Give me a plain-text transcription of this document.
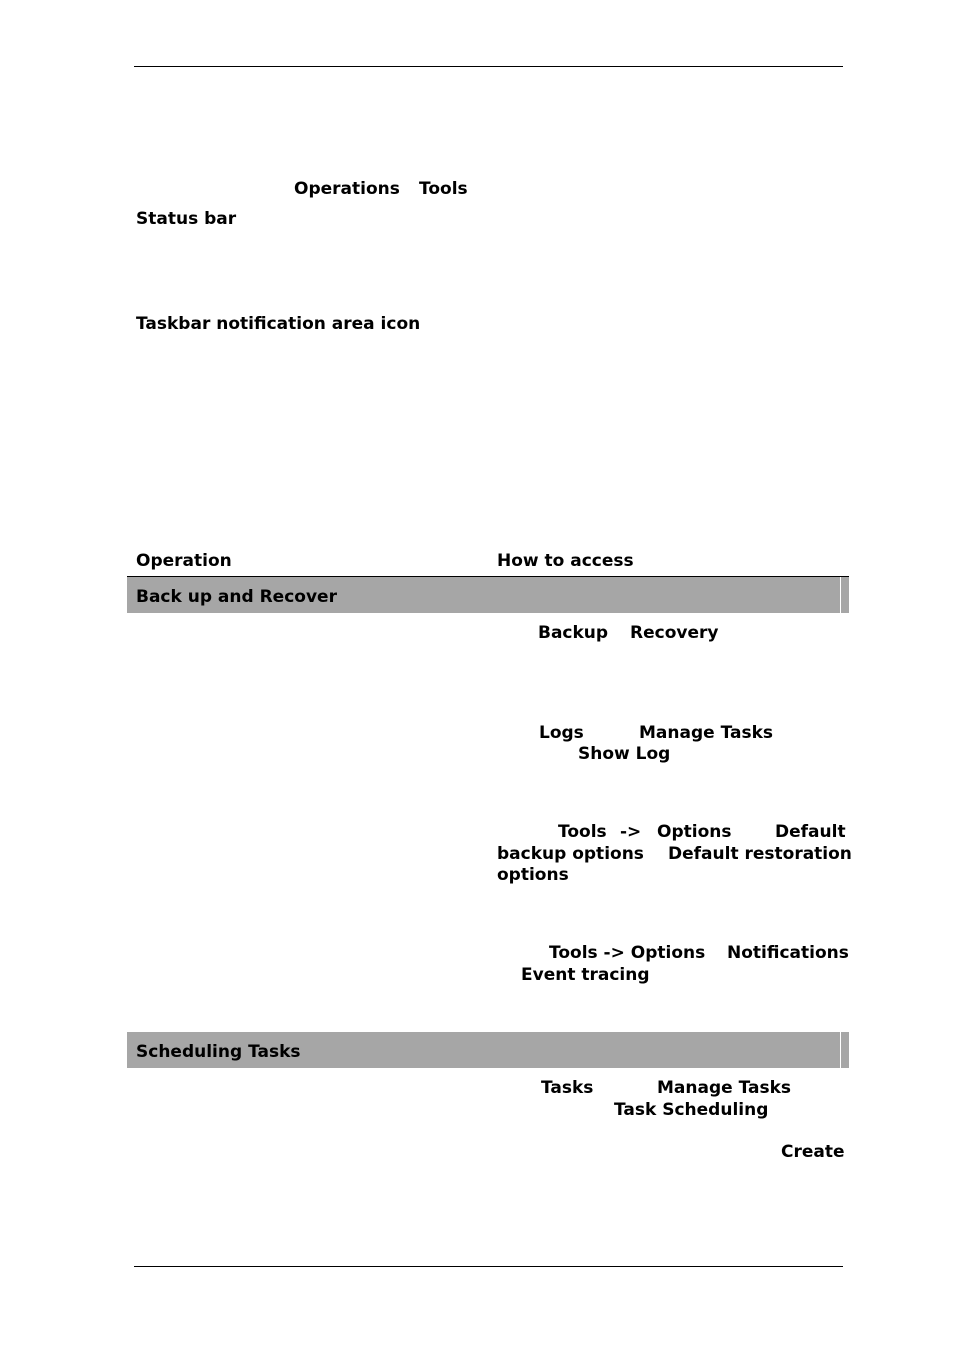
Operations Tools
Status bar
Taskbar notification area icon
Operation	How to access
Back up and Recover
Backup Recovery
Logs	Manage Tasks
Show Log
Tools -> Options	Default
backup options Default restoration
options
Tools -> Options Notifications
Event tracing
Scheduling Tasks
Tasks	Manage Tasks
Task Scheduling
Create
